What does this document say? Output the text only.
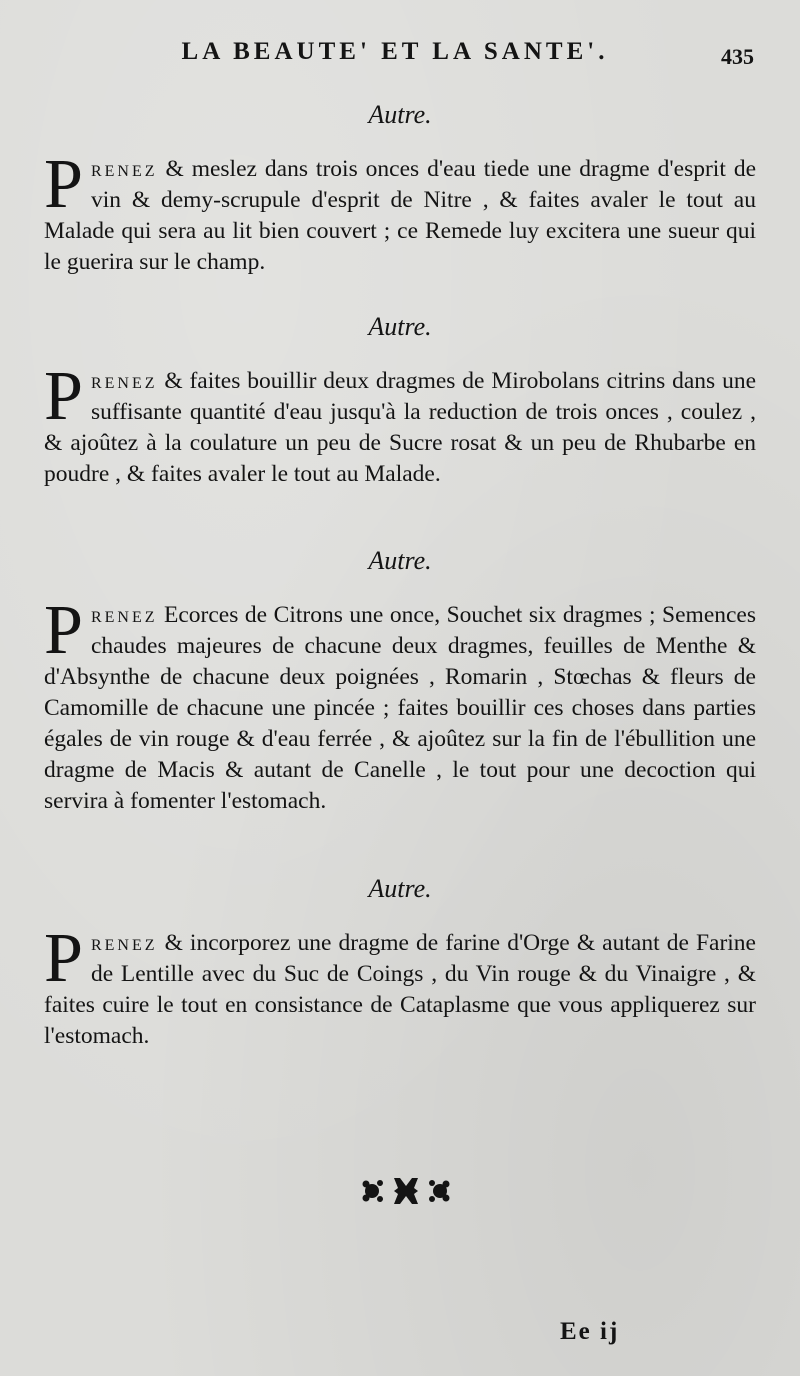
LA BEAUTE' ET LA SANTE'.	435
Autre.
Prenez & meslez dans trois onces d'eau tiede une dragme d'esprit de vin & demy-scrupule d'esprit de Nitre , & faites avaler le tout au Malade qui sera au lit bien couvert ; ce Remede luy excitera une sueur qui le guerira sur le champ.
Autre.
Prenez & faites bouillir deux dragmes de Mirobolans citrins dans une suffisante quantité d'eau jusqu'à la reduction de trois onces , coulez , & ajoûtez à la coulature un peu de Sucre rosat & un peu de Rhubarbe en poudre , & faites avaler le tout au Malade.
Autre.
Prenez Ecorces de Citrons une once, Souchet six dragmes ; Semences chaudes majeures de chacune deux dragmes, feuilles de Menthe & d'Absynthe de chacune deux poignées , Romarin , Stœchas & fleurs de Camomille de chacune une pincée ; faites bouillir ces choses dans parties égales de vin rouge & d'eau ferrée , & ajoûtez sur la fin de l'ébullition une dragme de Macis & autant de Canelle , le tout pour une decoction qui servira à fomenter l'estomach.
Autre.
Prenez & incorporez une dragme de farine d'Orge & autant de Farine de Lentille avec du Suc de Coings , du Vin rouge & du Vinaigre , & faites cuire le tout en consistance de Cataplasme que vous appliquerez sur l'estomach.
Ee ij
